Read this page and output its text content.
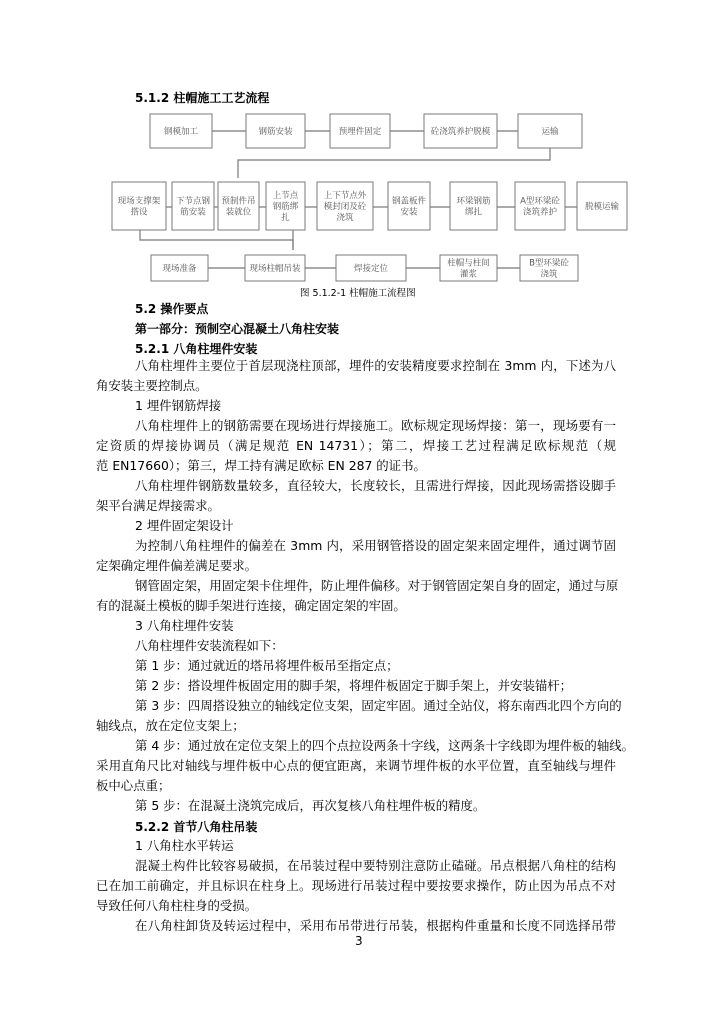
5.1.2 柱帽施工工艺流程
钢模加工	钢筋安装	预埋件固定	砼浇筑养护脱模	运输
现场支撑架搭设
下节点钢筋安装
预制件吊装就位
上节点钢筋绑扎
上下节点外模封闭及砼浇筑
钢盖板件安装
环梁钢筋绑扎
A型环梁砼浇筑养护
脱模运输
现场准备	现场柱帽吊装	焊接定位
柱帽与柱间灌浆
B型环梁砼浇筑
图 5.1.2-1 柱帽施工流程图
5.2 操作要点
第一部分：预制空心混凝土八角柱安装
5.2.1 八角柱埋件安装
八角柱埋件主要位于首层现浇柱顶部，埋件的安装精度要求控制在 3mm 内，下述为八
角安装主要控制点。
1 埋件钢筋焊接
八角柱埋件上的钢筋需要在现场进行焊接施工。欧标规定现场焊接：第一，现场要有一
定资质的焊接协调员（满足规范 EN 14731）；第二，焊接工艺过程满足欧标规范（规
范 EN17660）；第三，焊工持有满足欧标 EN 287 的证书。
八角柱埋件钢筋数量较多，直径较大，长度较长，且需进行焊接，因此现场需搭设脚手
架平台满足焊接需求。
2 埋件固定架设计
为控制八角柱埋件的偏差在 3mm 内，采用钢管搭设的固定架来固定埋件，通过调节固
定架确定埋件偏差满足要求。
钢管固定架，用固定架卡住埋件，防止埋件偏移。对于钢管固定架自身的固定，通过与原
有的混凝土模板的脚手架进行连接，确定固定架的牢固。
3 八角柱埋件安装
八角柱埋件安装流程如下：
第 1 步：通过就近的塔吊将埋件板吊至指定点；
第 2 步：搭设埋件板固定用的脚手架，将埋件板固定于脚手架上，并安装锚杆；
第 3 步：四周搭设独立的轴线定位支架，固定牢固。通过全站仪，将东南西北四个方向的
轴线点，放在定位支架上；
第 4 步：通过放在定位支架上的四个点拉设两条十字线，这两条十字线即为埋件板的轴线。
采用直角尺比对轴线与埋件板中心点的便宜距离，来调节埋件板的水平位置，直至轴线与埋件
板中心点重；
第 5 步：在混凝土浇筑完成后，再次复核八角柱埋件板的精度。
5.2.2 首节八角柱吊装
1 八角柱水平转运
混凝土构件比较容易破损，在吊装过程中要特别注意防止磕碰。吊点根据八角柱的结构
已在加工前确定，并且标识在柱身上。现场进行吊装过程中要按要求操作，防止因为吊点不对
导致任何八角柱柱身的受损。
在八角柱卸货及转运过程中，采用布吊带进行吊装，根据构件重量和长度不同选择吊带
3
